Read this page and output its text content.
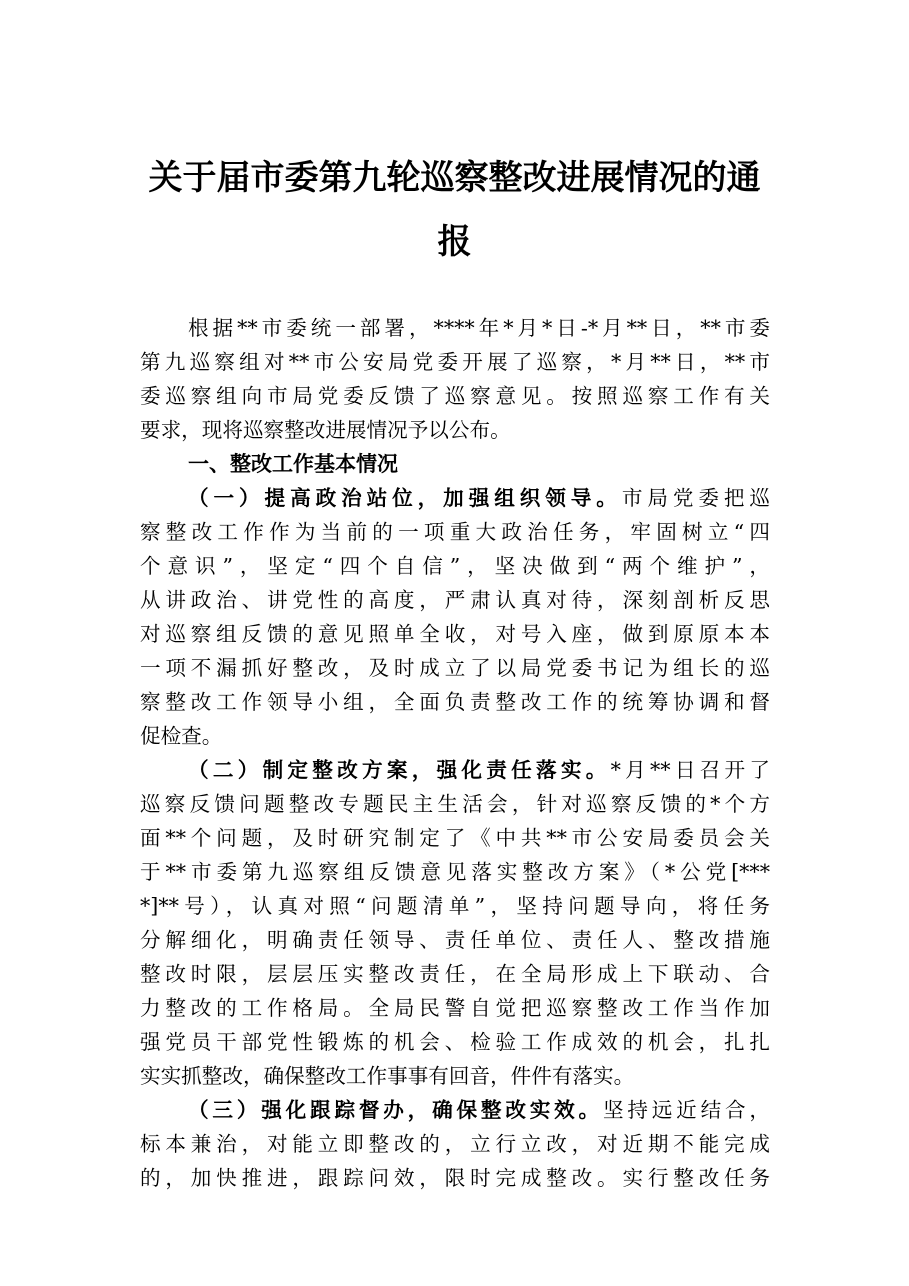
关于届市委第九轮巡察整改进展情况的通
报
根据**市委统一部署，****年*月*日-*月**日，**市委
第九巡察组对**市公安局党委开展了巡察，*月**日，**市
委巡察组向市局党委反馈了巡察意见。按照巡察工作有关
要求，现将巡察整改进展情况予以公布。
一、整改工作基本情况
（一）提高政治站位，加强组织领导。市局党委把巡
察整改工作作为当前的一项重大政治任务，牢固树立“四
个意识”，坚定“四个自信”，坚决做到“两个维护”，
从讲政治、讲党性的高度，严肃认真对待，深刻剖析反思
对巡察组反馈的意见照单全收，对号入座，做到原原本本
一项不漏抓好整改，及时成立了以局党委书记为组长的巡
察整改工作领导小组，全面负责整改工作的统筹协调和督
促检查。
（二）制定整改方案，强化责任落实。*月**日召开了
巡察反馈问题整改专题民主生活会，针对巡察反馈的*个方
面**个问题，及时研究制定了《中共**市公安局委员会关
于**市委第九巡察组反馈意见落实整改方案》（*公党[***
*]**号），认真对照“问题清单”，坚持问题导向，将任务
分解细化，明确责任领导、责任单位、责任人、整改措施
整改时限，层层压实整改责任，在全局形成上下联动、合
力整改的工作格局。全局民警自觉把巡察整改工作当作加
强党员干部党性锻炼的机会、检验工作成效的机会，扎扎
实实抓整改，确保整改工作事事有回音，件件有落实。
（三）强化跟踪督办，确保整改实效。坚持远近结合，
标本兼治，对能立即整改的，立行立改，对近期不能完成
的，加快推进，跟踪问效，限时完成整改。实行整改任务
